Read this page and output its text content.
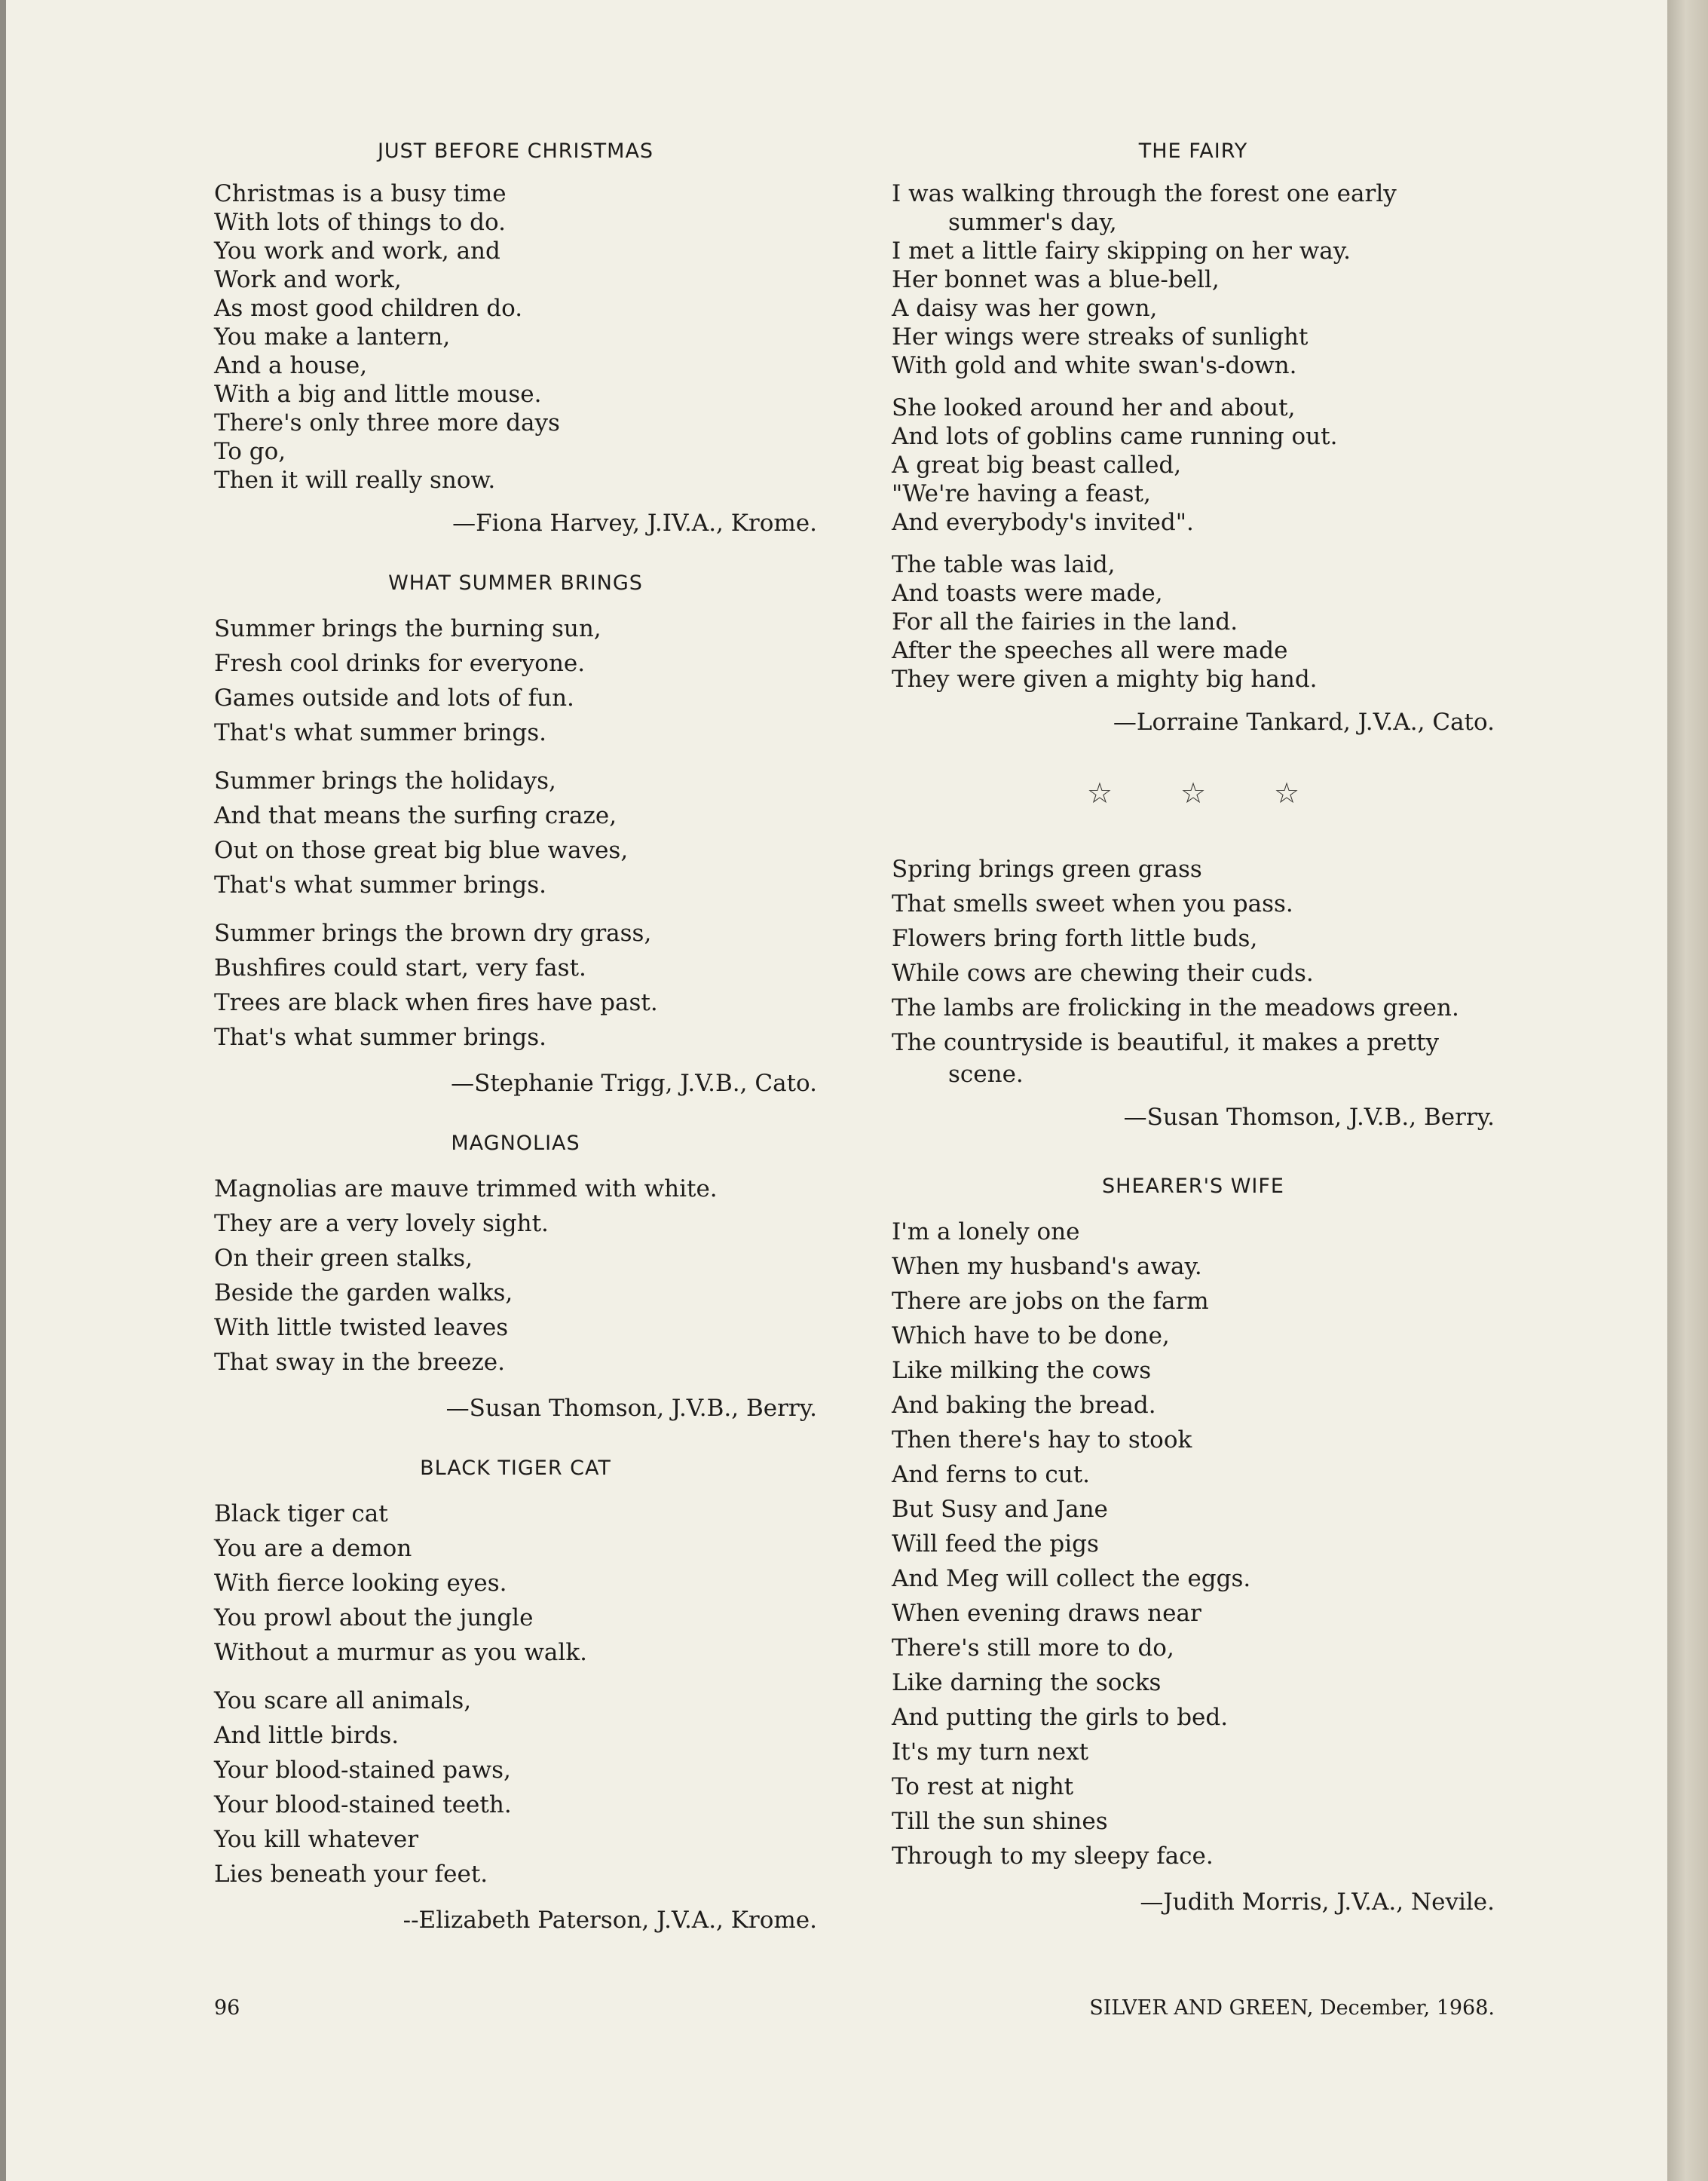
JUST BEFORE CHRISTMAS
Christmas is a busy time
With lots of things to do.
You work and work, and
Work and work,
As most good children do.
You make a lantern,
And a house,
With a big and little mouse.
There's only three more days
To go,
Then it will really snow.
—Fiona Harvey, J.IV.A., Krome.
WHAT SUMMER BRINGS
Summer brings the burning sun,
Fresh cool drinks for everyone.
Games outside and lots of fun.
That's what summer brings.
Summer brings the holidays,
And that means the surfing craze,
Out on those great big blue waves,
That's what summer brings.
Summer brings the brown dry grass,
Bushfires could start, very fast.
Trees are black when fires have past.
That's what summer brings.
—Stephanie Trigg, J.V.B., Cato.
MAGNOLIAS
Magnolias are mauve trimmed with white.
They are a very lovely sight.
On their green stalks,
Beside the garden walks,
With little twisted leaves
That sway in the breeze.
—Susan Thomson, J.V.B., Berry.
BLACK TIGER CAT
Black tiger cat
You are a demon
With fierce looking eyes.
You prowl about the jungle
Without a murmur as you walk.
You scare all animals,
And little birds.
Your blood-stained paws,
Your blood-stained teeth.
You kill whatever
Lies beneath your feet.
--Elizabeth Paterson, J.V.A., Krome.
THE FAIRY
I was walking through the forest one early
summer's day,
I met a little fairy skipping on her way.
Her bonnet was a blue-bell,
A daisy was her gown,
Her wings were streaks of sunlight
With gold and white swan's-down.
She looked around her and about,
And lots of goblins came running out.
A great big beast called,
"We're having a feast,
And everybody's invited".
The table was laid,
And toasts were made,
For all the fairies in the land.
After the speeches all were made
They were given a mighty big hand.
—Lorraine Tankard, J.V.A., Cato.
☆☆☆
Spring brings green grass
That smells sweet when you pass.
Flowers bring forth little buds,
While cows are chewing their cuds.
The lambs are frolicking in the meadows green.
The countryside is beautiful, it makes a pretty
scene.
—Susan Thomson, J.V.B., Berry.
SHEARER'S WIFE
I'm a lonely one
When my husband's away.
There are jobs on the farm
Which have to be done,
Like milking the cows
And baking the bread.
Then there's hay to stook
And ferns to cut.
But Susy and Jane
Will feed the pigs
And Meg will collect the eggs.
When evening draws near
There's still more to do,
Like darning the socks
And putting the girls to bed.
It's my turn next
To rest at night
Till the sun shines
Through to my sleepy face.
—Judith Morris, J.V.A., Nevile.
96	SILVER AND GREEN, December, 1968.
